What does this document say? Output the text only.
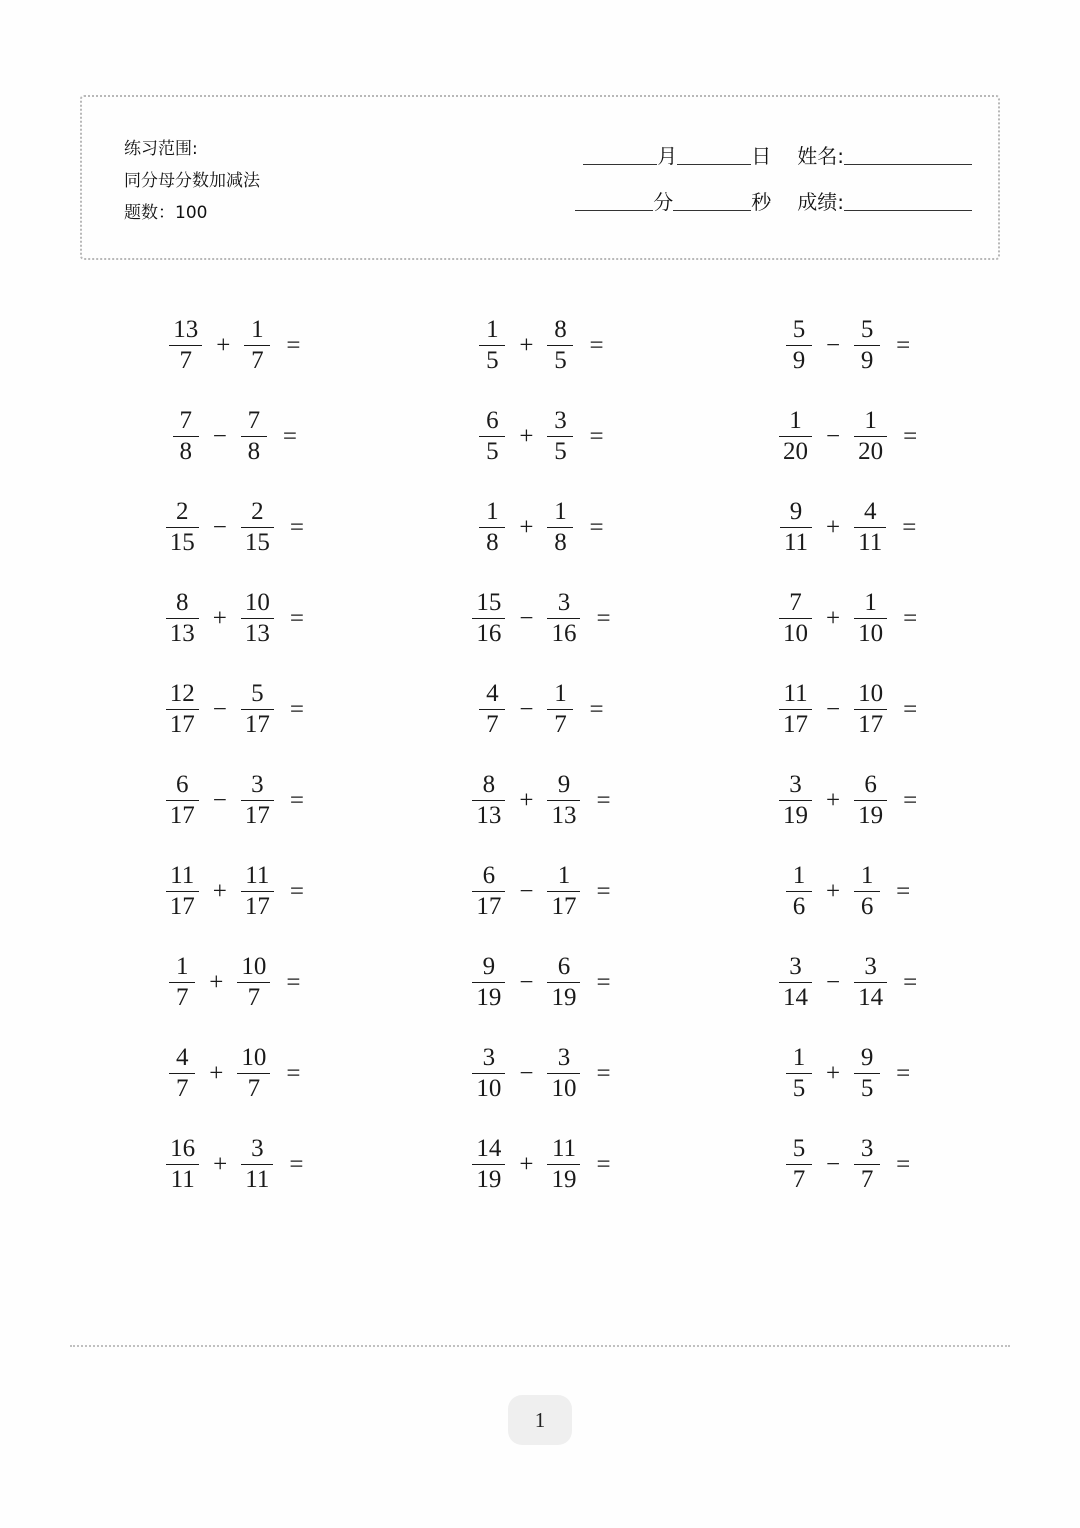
练习范围:
同分母分数加减法
题数：100
月	日 姓名:
分	秒 成绩:
$\frac{13}{7} + \frac{1}{7}$ =	$\frac{1}{5} + \frac{8}{5}$ =	$\frac{5}{9} - \frac{5}{9}$ =
$\frac{7}{8} - \frac{7}{8}$ =	$\frac{6}{5} + \frac{3}{5}$ =	$\frac{1}{20} - \frac{1}{20}$ =
$\frac{2}{15} - \frac{2}{15}$ =	$\frac{1}{8} + \frac{1}{8}$ =	$\frac{9}{11} + \frac{4}{11}$ =
$\frac{8}{13} + \frac{10}{13}$ =	$\frac{15}{16} - \frac{3}{16}$ =	$\frac{7}{10} + \frac{1}{10}$ =
$\frac{12}{17} - \frac{5}{17}$ =	$\frac{4}{7} - \frac{1}{7}$ =	$\frac{11}{17} - \frac{10}{17}$ =
$\frac{6}{17} - \frac{3}{17}$ =	$\frac{8}{13} + \frac{9}{13}$ =	$\frac{3}{19} + \frac{6}{19}$ =
$\frac{11}{17} + \frac{11}{17}$ =	$\frac{6}{17} - \frac{1}{17}$ =	$\frac{1}{6} + \frac{1}{6}$ =
$\frac{1}{7} + \frac{10}{7}$ =	$\frac{9}{19} - \frac{6}{19}$ =	$\frac{3}{14} - \frac{3}{14}$ =
$\frac{4}{7} + \frac{10}{7}$ =	$\frac{3}{10} - \frac{3}{10}$ =	$\frac{1}{5} + \frac{9}{5}$ =
$\frac{16}{11} + \frac{3}{11}$ =	$\frac{14}{19} + \frac{11}{19}$ =	$\frac{5}{7} - \frac{3}{7}$ =
1
